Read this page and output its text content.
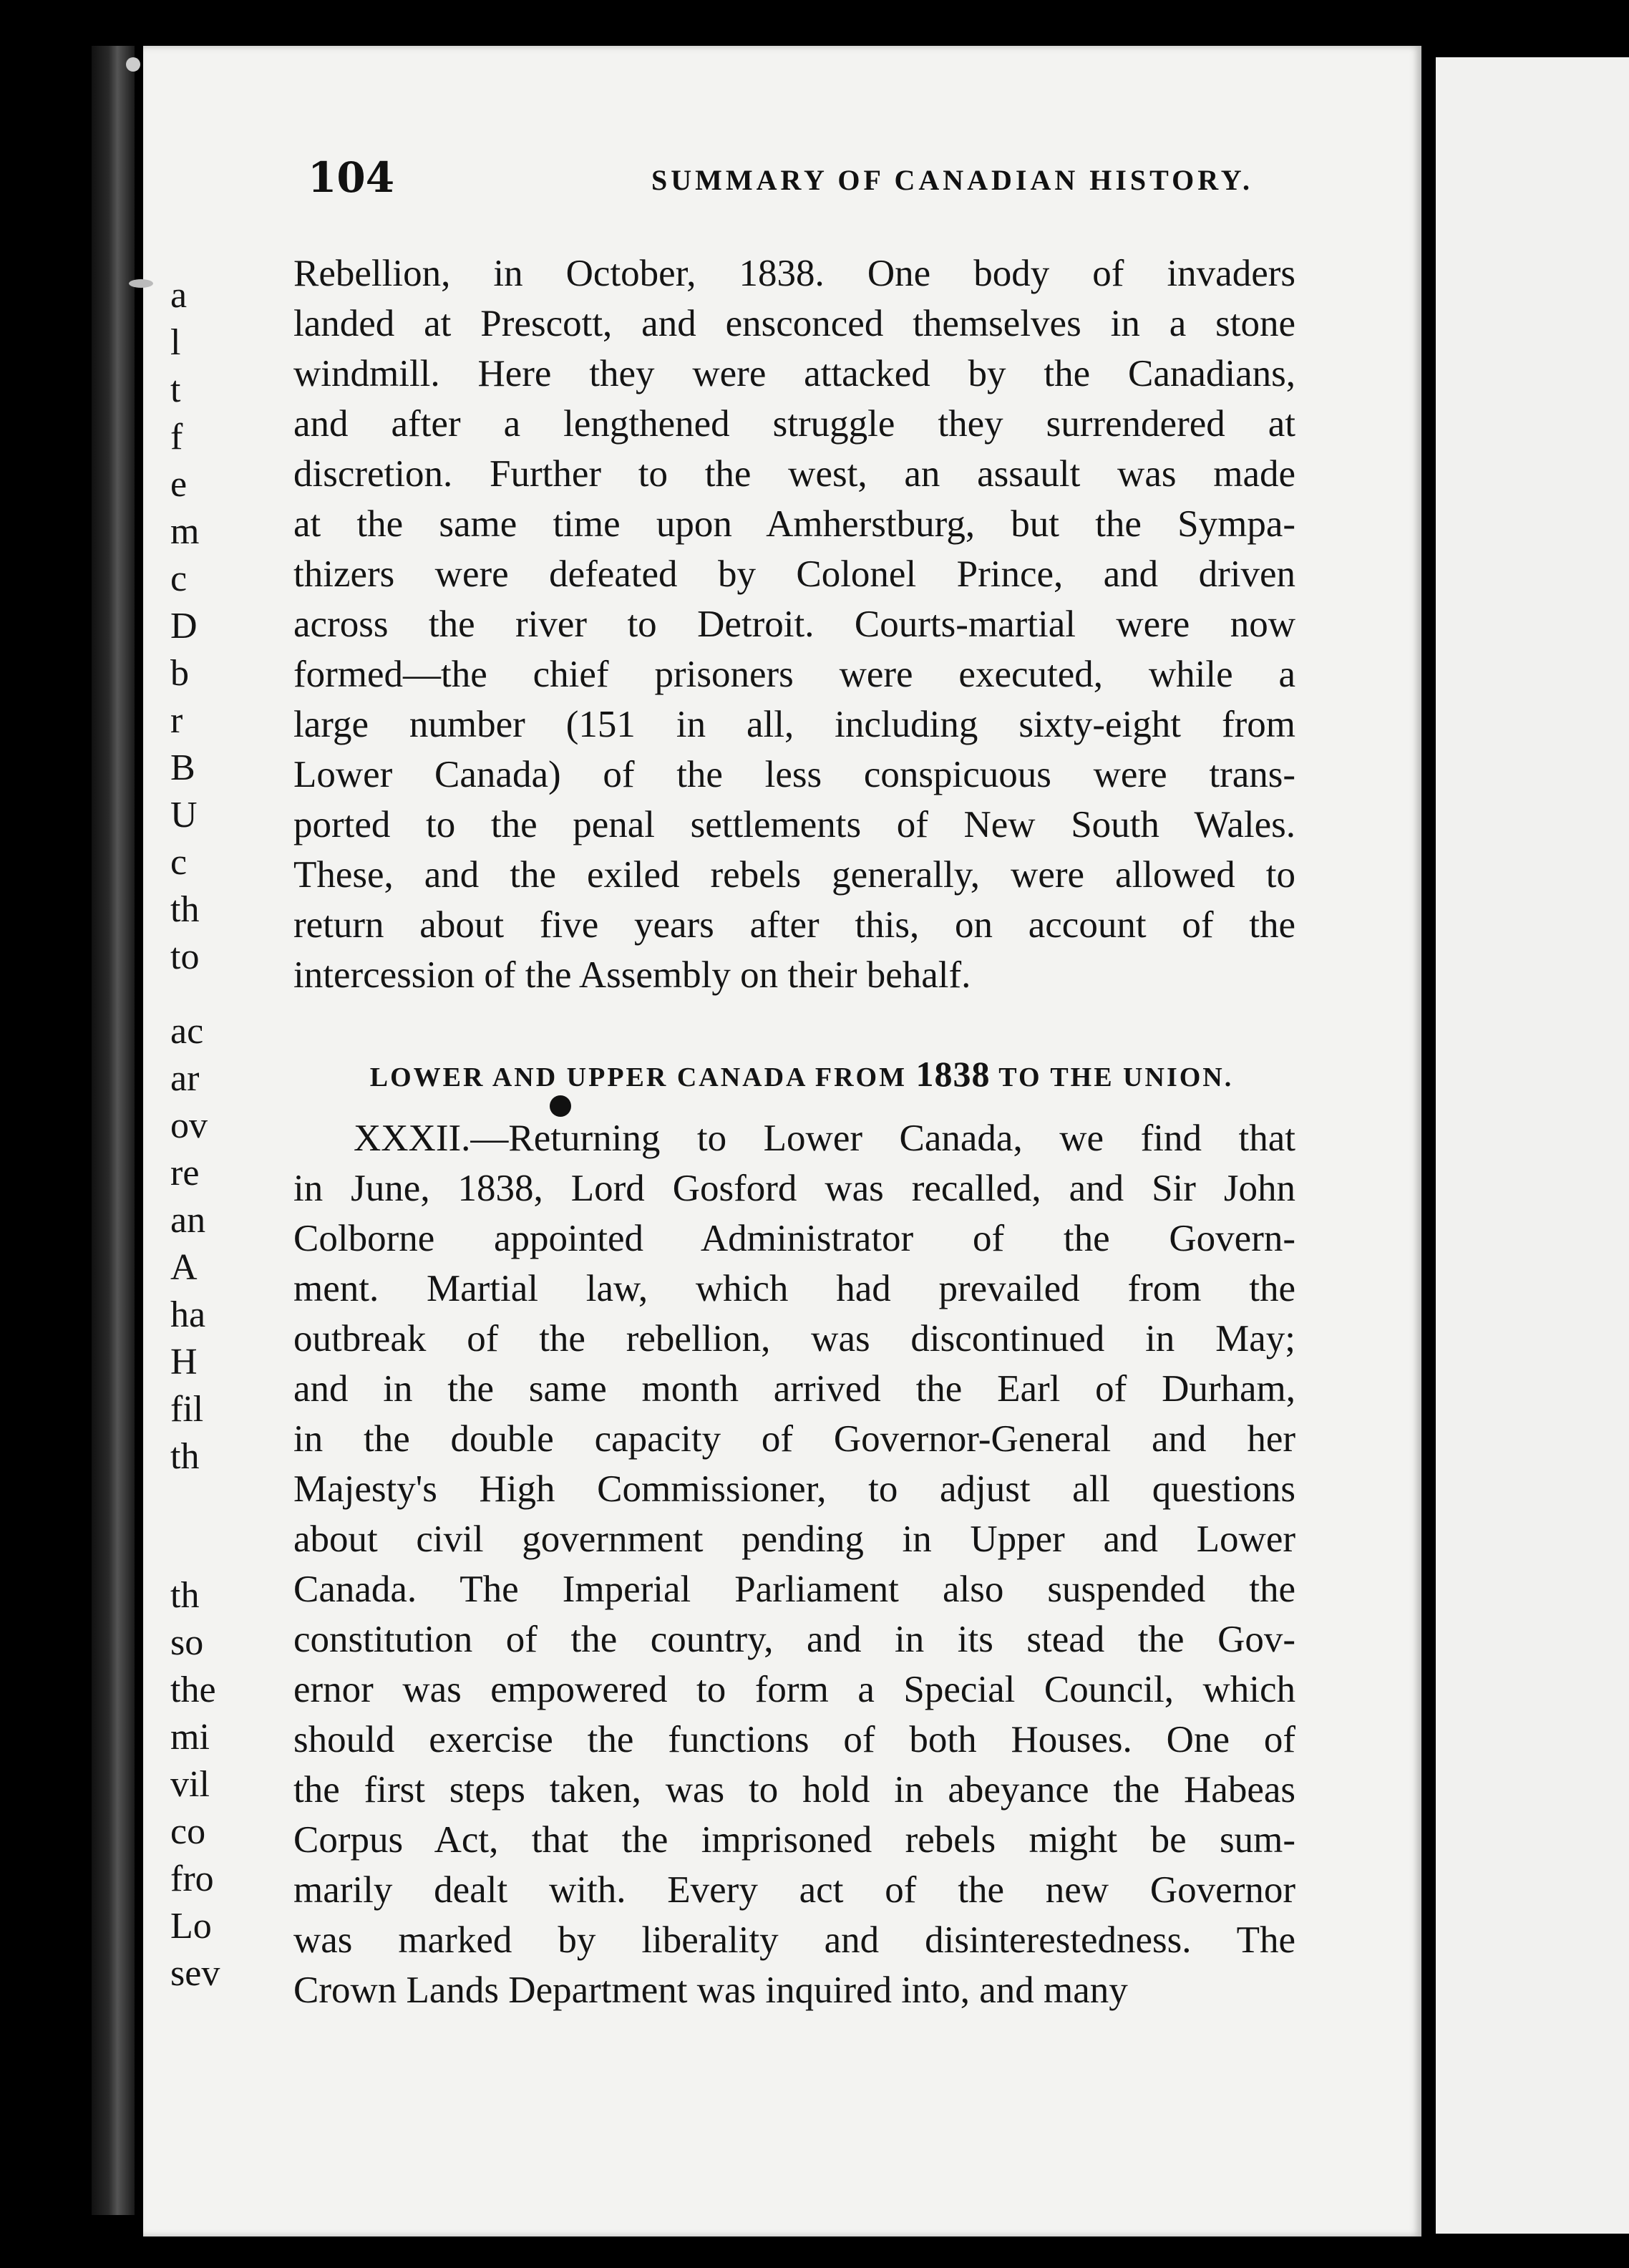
104	SUMMARY OF CANADIAN HISTORY.
Rebellion, in October, 1838. One body of invaders
landed at Prescott, and ensconced themselves in a stone
windmill. Here they were attacked by the Canadians,
and after a lengthened struggle they surrendered at
discretion. Further to the west, an assault was made
at the same time upon Amherstburg, but the Sympa-
thizers were defeated by Colonel Prince, and driven
across the river to Detroit. Courts-martial were now
formed—the chief prisoners were executed, while a
large number (151 in all, including sixty-eight from
Lower Canada) of the less conspicuous were trans-
ported to the penal settlements of New South Wales.
These, and the exiled rebels generally, were allowed to
return about five years after this, on account of the
intercession of the Assembly on their behalf.
LOWER AND UPPER CANADA FROM 1838 TO THE UNION.
XXXII.—Returning to Lower Canada, we find that
in June, 1838, Lord Gosford was recalled, and Sir John
Colborne appointed Administrator of the Govern-
ment. Martial law, which had prevailed from the
outbreak of the rebellion, was discontinued in May;
and in the same month arrived the Earl of Durham,
in the double capacity of Governor-General and her
Majesty's High Commissioner, to adjust all questions
about civil government pending in Upper and Lower
Canada. The Imperial Parliament also suspended the
constitution of the country, and in its stead the Gov-
ernor was empowered to form a Special Council, which
should exercise the functions of both Houses. One of
the first steps taken, was to hold in abeyance the Habeas
Corpus Act, that the imprisoned rebels might be sum-
marily dealt with. Every act of the new Governor
was marked by liberality and disinterestedness. The
Crown Lands Department was inquired into, and many
a
l
t
f
e
m
c
D
b
r
B
U
c
th
to
ac
ar
ov
re
an
A
ha
H
fil
th
th
so
the
mi
vil
co
fro
Lo
sev
